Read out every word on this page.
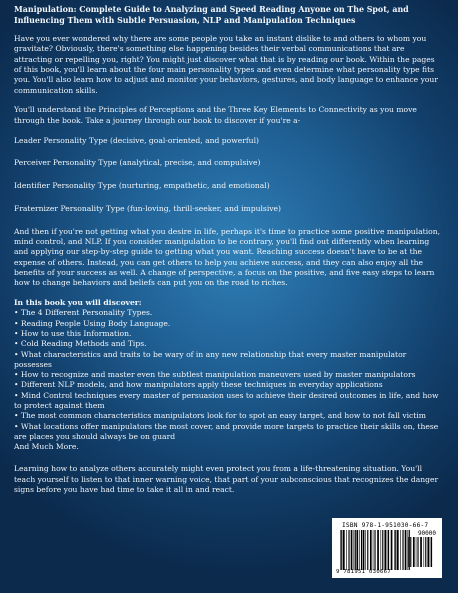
Manipulation: Complete Guide to Analyzing and Speed Reading Anyone on The Spot, and Influencing Them with Subtle Persuasion, NLP and Manipulation Techniques

Have you ever wondered why there are some people you take an instant dislike to and others to whom you gravitate? Obviously, there's something else happening besides their verbal communications that are attracting or repelling you, right? You might just discover what that is by reading our book. Within the pages of this book, you'll learn about the four main personality types and even determine what personality type fits you. You'll also learn how to adjust and monitor your behaviors, gestures, and body language to enhance your communication skills.

You'll understand the Principles of Perceptions and the Three Key Elements to Connectivity as you move through the book. Take a journey through our book to discover if you're a-

Leader Personality Type (decisive, goal-oriented, and powerful)
Perceiver Personality Type (analytical, precise, and compulsive)
Identifier Personality Type (nurturing, empathetic, and emotional)
Fraternizer Personality Type (fun-loving, thrill-seeker, and impulsive)

And then if you're not getting what you desire in life, perhaps it's time to practice some positive manipulation, mind control, and NLP. If you consider manipulation to be contrary, you'll find out differently when learning and applying our step-by-step guide to getting what you want. Reaching success doesn't have to be at the expense of others. Instead, you can get others to help you achieve success, and they can also enjoy all the benefits of your success as well. A change of perspective, a focus on the positive, and five easy steps to learn how to change behaviors and beliefs can put you on the road to riches.

In this book you will discover:
• The 4 Different Personality Types.
• Reading People Using Body Language.
• How to use this Information.
• Cold Reading Methods and Tips.
• What characteristics and traits to be wary of in any new relationship that every master manipulator possesses
• How to recognize and master even the subtlest manipulation maneuvers used by master manipulators
• Different NLP models, and how manipulators apply these techniques in everyday applications
• Mind Control techniques every master of persuasion uses to achieve their desired outcomes in life, and how to protect against them
• The most common characteristics manipulators look for to spot an easy target, and how to not fall victim
• What locations offer manipulators the most cover, and provide more targets to practice their skills on, these are places you should always be on guard
And Much More.

Learning how to analyze others accurately might even protect you from a life-threatening situation. You'll teach yourself to listen to that inner warning voice, that part of your subconscious that recognizes the danger signs before you have had time to take it all in and react.

ISBN 978-1-951030-66-7
90000
9 781951 030667
